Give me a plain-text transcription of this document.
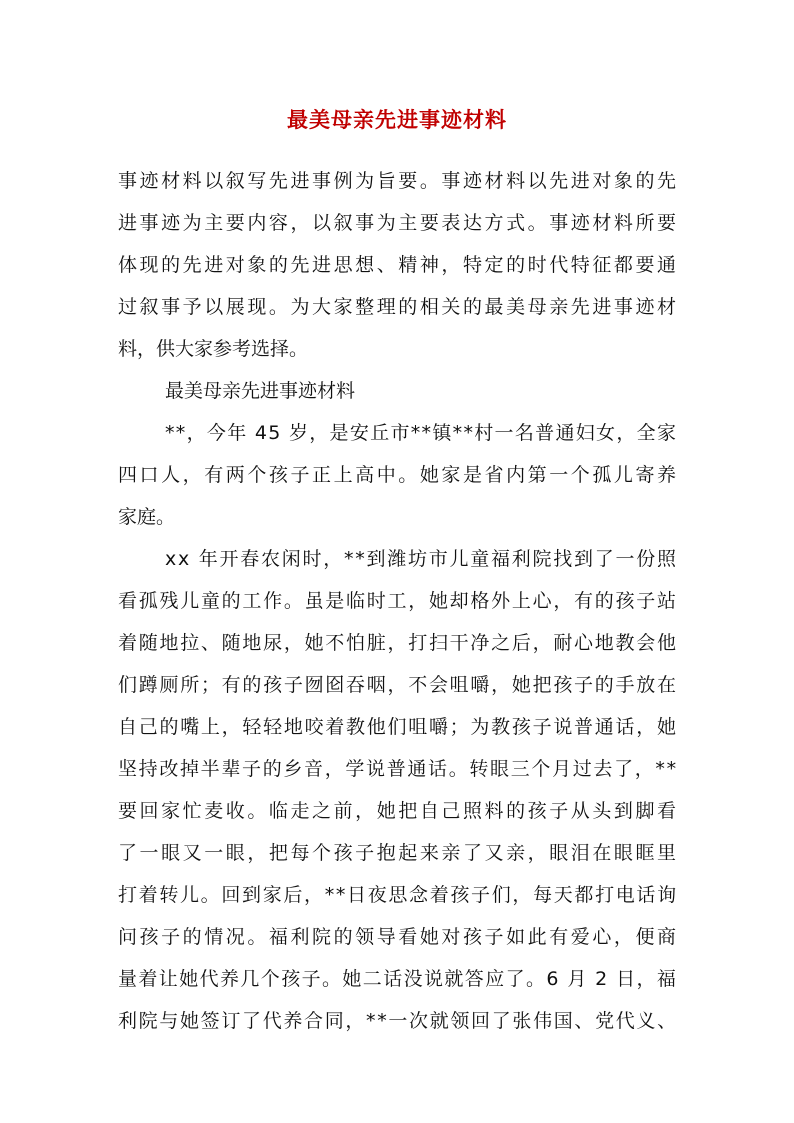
最美母亲先进事迹材料

事迹材料以叙写先进事例为旨要。事迹材料以先进对象的先

进事迹为主要内容，以叙事为主要表达方式。事迹材料所要

体现的先进对象的先进思想、精神，特定的时代特征都要通

过叙事予以展现。为大家整理的相关的最美母亲先进事迹材

料，供大家参考选择。

最美母亲先进事迹材料

**，今年 45 岁，是安丘市**镇**村一名普通妇女，全家

四口人，有两个孩子正上高中。她家是省内第一个孤儿寄养

家庭。

xx 年开春农闲时，**到潍坊市儿童福利院找到了一份照

看孤残儿童的工作。虽是临时工，她却格外上心，有的孩子站

着随地拉、随地尿，她不怕脏，打扫干净之后，耐心地教会他

们蹲厕所；有的孩子囫囵吞咽，不会咀嚼，她把孩子的手放在

自己的嘴上，轻轻地咬着教他们咀嚼；为教孩子说普通话，她

坚持改掉半辈子的乡音，学说普通话。转眼三个月过去了，**

要回家忙麦收。临走之前，她把自己照料的孩子从头到脚看

了一眼又一眼，把每个孩子抱起来亲了又亲，眼泪在眼眶里

打着转儿。回到家后，**日夜思念着孩子们，每天都打电话询

问孩子的情况。福利院的领导看她对孩子如此有爱心，便商

量着让她代养几个孩子。她二话没说就答应了。6 月 2 日，福

利院与她签订了代养合同，**一次就领回了张伟国、党代义、
